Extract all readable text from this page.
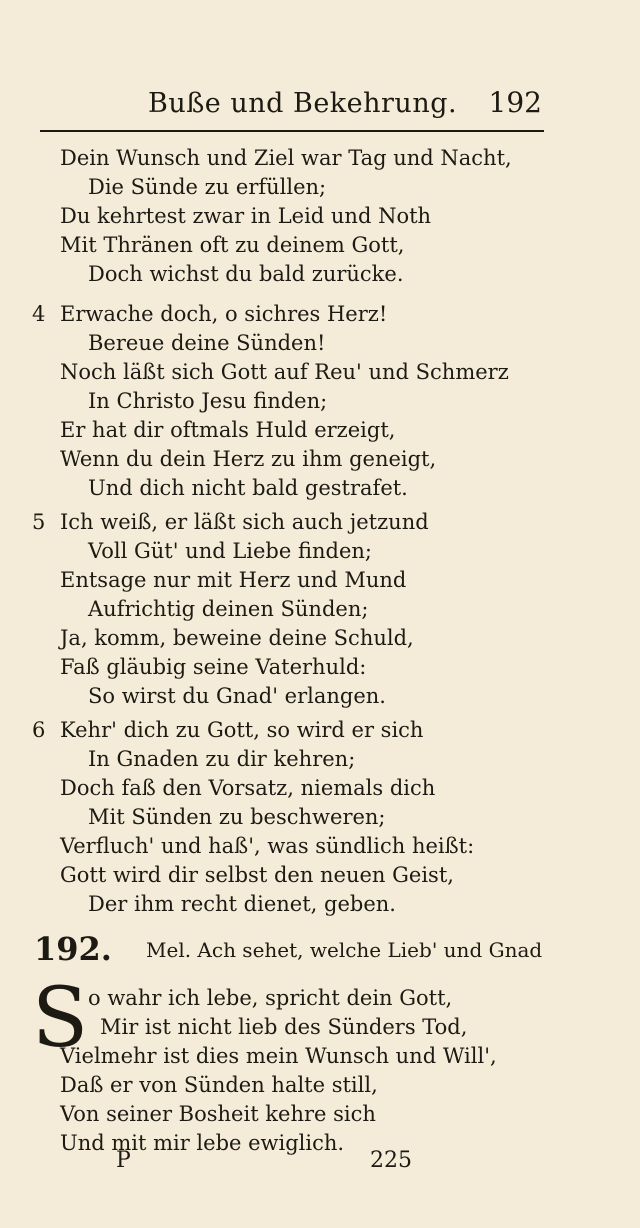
Buße und Bekehrung. 192
Dein Wunsch und Ziel war Tag und Nacht,
Die Sünde zu erfüllen;
Du kehrtest zwar in Leid und Noth
Mit Thränen oft zu deinem Gott,
Doch wichst du bald zurücke.
4 Erwache doch, o sichres Herz!
Bereue deine Sünden!
Noch läßt sich Gott auf Reu' und Schmerz
In Christo Jesu finden;
Er hat dir oftmals Huld erzeigt,
Wenn du dein Herz zu ihm geneigt,
Und dich nicht bald gestrafet.
5 Ich weiß, er läßt sich auch jetzund
Voll Güt' und Liebe finden;
Entsage nur mit Herz und Mund
Aufrichtig deinen Sünden;
Ja, komm, beweine deine Schuld,
Faß gläubig seine Vaterhuld:
So wirst du Gnad' erlangen.
6 Kehr' dich zu Gott, so wird er sich
In Gnaden zu dir kehren;
Doch faß den Vorsatz, niemals dich
Mit Sünden zu beschweren;
Verfluch' und haß', was sündlich heißt:
Gott wird dir selbst den neuen Geist,
Der ihm recht dienet, geben.
192. Mel. Ach sehet, welche Lieb' und Gnad
S o wahr ich lebe, spricht dein Gott,
Mir ist nicht lieb des Sünders Tod,
Vielmehr ist dies mein Wunsch und Will',
Daß er von Sünden halte still,
Von seiner Bosheit kehre sich
Und mit mir lebe ewiglich.
P	225
